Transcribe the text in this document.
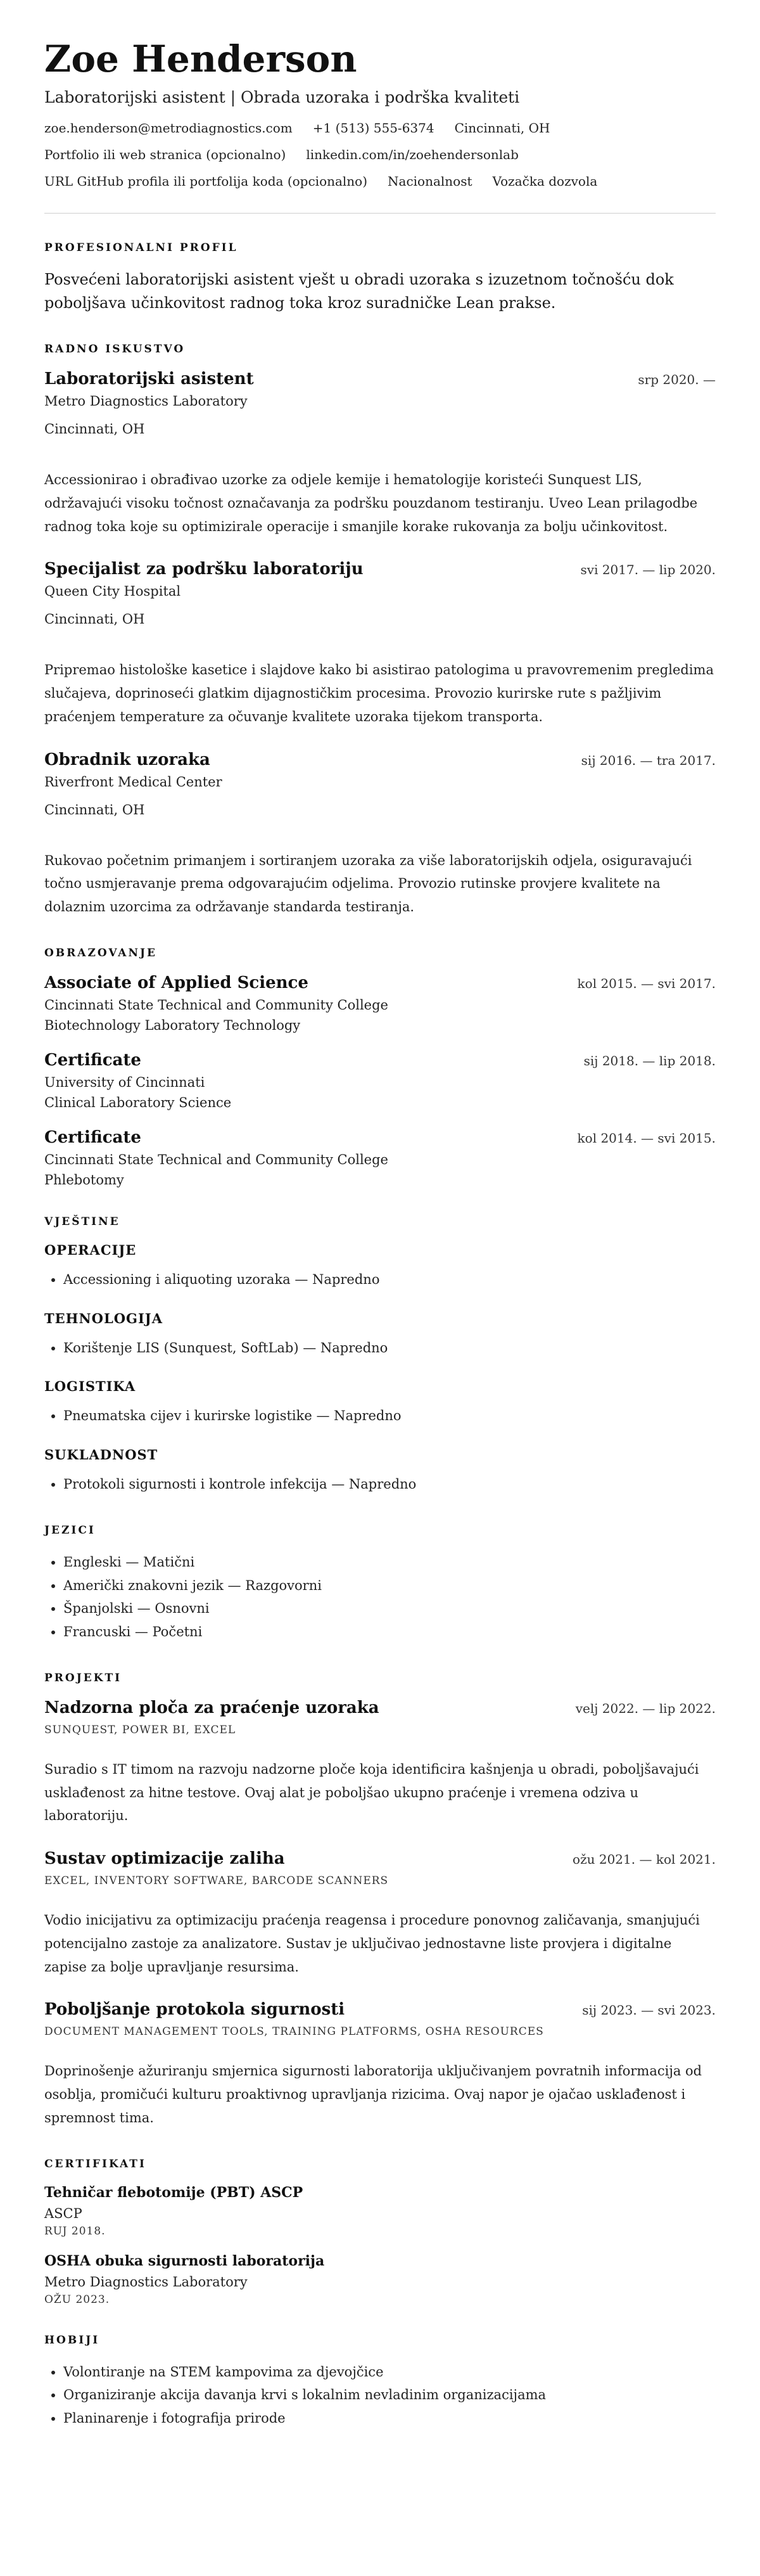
Zoe Henderson
Laboratorijski asistent | Obrada uzoraka i podrška kvaliteti
zoe.henderson@metrodiagnostics.com +1 (513) 555-6374 Cincinnati, OH
Portfolio ili web stranica (opcionalno) linkedin.com/in/zoehendersonlab
URL GitHub profila ili portfolija koda (opcionalno) Nacionalnost Vozačka dozvola
PROFESIONALNI PROFIL
Posvećeni laboratorijski asistent vješt u obradi uzoraka s izuzetnom točnošću dok poboljšava učinkovitost radnog toka kroz suradničke Lean prakse.
RADNO ISKUSTVO
Laboratorijski asistent	srp 2020. —
Metro Diagnostics Laboratory
Cincinnati, OH
Accessionirao i obrađivao uzorke za odjele kemije i hematologije koristeći Sunquest LIS, održavajući visoku točnost označavanja za podršku pouzdanom testiranju. Uveo Lean prilagodbe radnog toka koje su optimizirale operacije i smanjile korake rukovanja za bolju učinkovitost.
Specijalist za podršku laboratoriju	svi 2017. — lip 2020.
Queen City Hospital
Cincinnati, OH
Pripremao histološke kasetice i slajdove kako bi asistirao patologima u pravovremenim pregledima slučajeva, doprinoseći glatkim dijagnostičkim procesima. Provozio kurirske rute s pažljivim praćenjem temperature za očuvanje kvalitete uzoraka tijekom transporta.
Obradnik uzoraka	sij 2016. — tra 2017.
Riverfront Medical Center
Cincinnati, OH
Rukovao početnim primanjem i sortiranjem uzoraka za više laboratorijskih odjela, osiguravajući točno usmjeravanje prema odgovarajućim odjelima. Provozio rutinske provjere kvalitete na dolaznim uzorcima za održavanje standarda testiranja.
OBRAZOVANJE
Associate of Applied Science	kol 2015. — svi 2017.
Cincinnati State Technical and Community College
Biotechnology Laboratory Technology
Certificate	sij 2018. — lip 2018.
University of Cincinnati
Clinical Laboratory Science
Certificate	kol 2014. — svi 2015.
Cincinnati State Technical and Community College
Phlebotomy
VJEŠTINE
OPERACIJE
• Accessioning i aliquoting uzoraka — Napredno
TEHNOLOGIJA
• Korištenje LIS (Sunquest, SoftLab) — Napredno
LOGISTIKA
• Pneumatska cijev i kurirske logistike — Napredno
SUKLADNOST
• Protokoli sigurnosti i kontrole infekcija — Napredno
JEZICI
• Engleski — Matični
• Američki znakovni jezik — Razgovorni
• Španjolski — Osnovni
• Francuski — Početni
PROJEKTI
Nadzorna ploča za praćenje uzoraka	velj 2022. — lip 2022.
SUNQUEST, POWER BI, EXCEL
Suradio s IT timom na razvoju nadzorne ploče koja identificira kašnjenja u obradi, poboljšavajući usklađenost za hitne testove. Ovaj alat je poboljšao ukupno praćenje i vremena odziva u laboratoriju.
Sustav optimizacije zaliha	ožu 2021. — kol 2021.
EXCEL, INVENTORY SOFTWARE, BARCODE SCANNERS
Vodio inicijativu za optimizaciju praćenja reagensa i procedure ponovnog zaličavanja, smanjujući potencijalno zastoje za analizatore. Sustav je uključivao jednostavne liste provjera i digitalne zapise za bolje upravljanje resursima.
Poboljšanje protokola sigurnosti	sij 2023. — svi 2023.
DOCUMENT MANAGEMENT TOOLS, TRAINING PLATFORMS, OSHA RESOURCES
Doprinošenje ažuriranju smjernica sigurnosti laboratorija uključivanjem povratnih informacija od osoblja, promičući kulturu proaktivnog upravljanja rizicima. Ovaj napor je ojačao usklađenost i spremnost tima.
CERTIFIKATI
Tehničar flebotomije (PBT) ASCP
ASCP
RUJ 2018.
OSHA obuka sigurnosti laboratorija
Metro Diagnostics Laboratory
OŽU 2023.
HOBIJI
• Volontiranje na STEM kampovima za djevojčice
• Organiziranje akcija davanja krvi s lokalnim nevladinim organizacijama
• Planinarenje i fotografija prirode
